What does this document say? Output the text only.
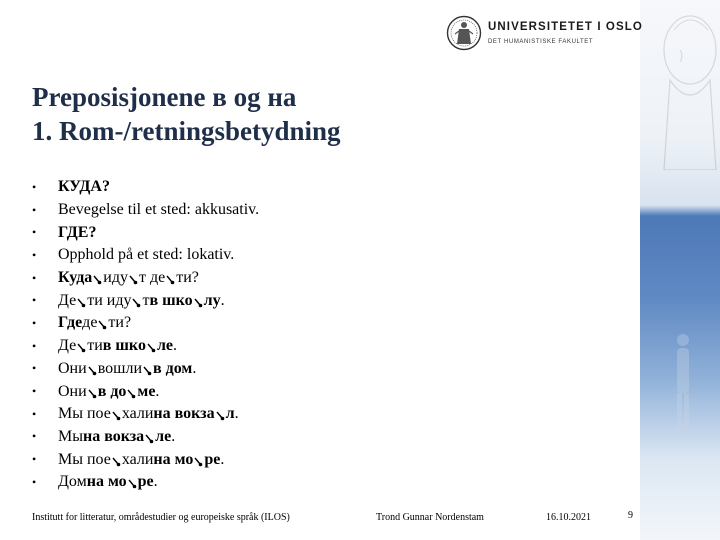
UNIVERSITETET I OSLO
DET HUMANISTISKE FAKULTET
Preposisjonene в og на
1. Rom-/retningsbetydning
•	КУДА?
•	Bevegelse til et sted: akkusativ.
•	ГДЕ?
•	Opphold på et sted: lokativ.
•	Куда иду т де ти?
•	Де ти иду т в шко лу .
•	Где де ти?
•	Де ти в шко ле .
•	Они вошли в дом .
•	Они в до ме .
•	Мы пое хали на вокза л .
•	Мы на вокза ле .
•	Мы пое хали на мо ре .
•	Дом на мо ре .
Institutt for litteratur, områdestudier og europeiske språk (ILOS)	Trond Gunnar Nordenstam	16.10.2021	9
